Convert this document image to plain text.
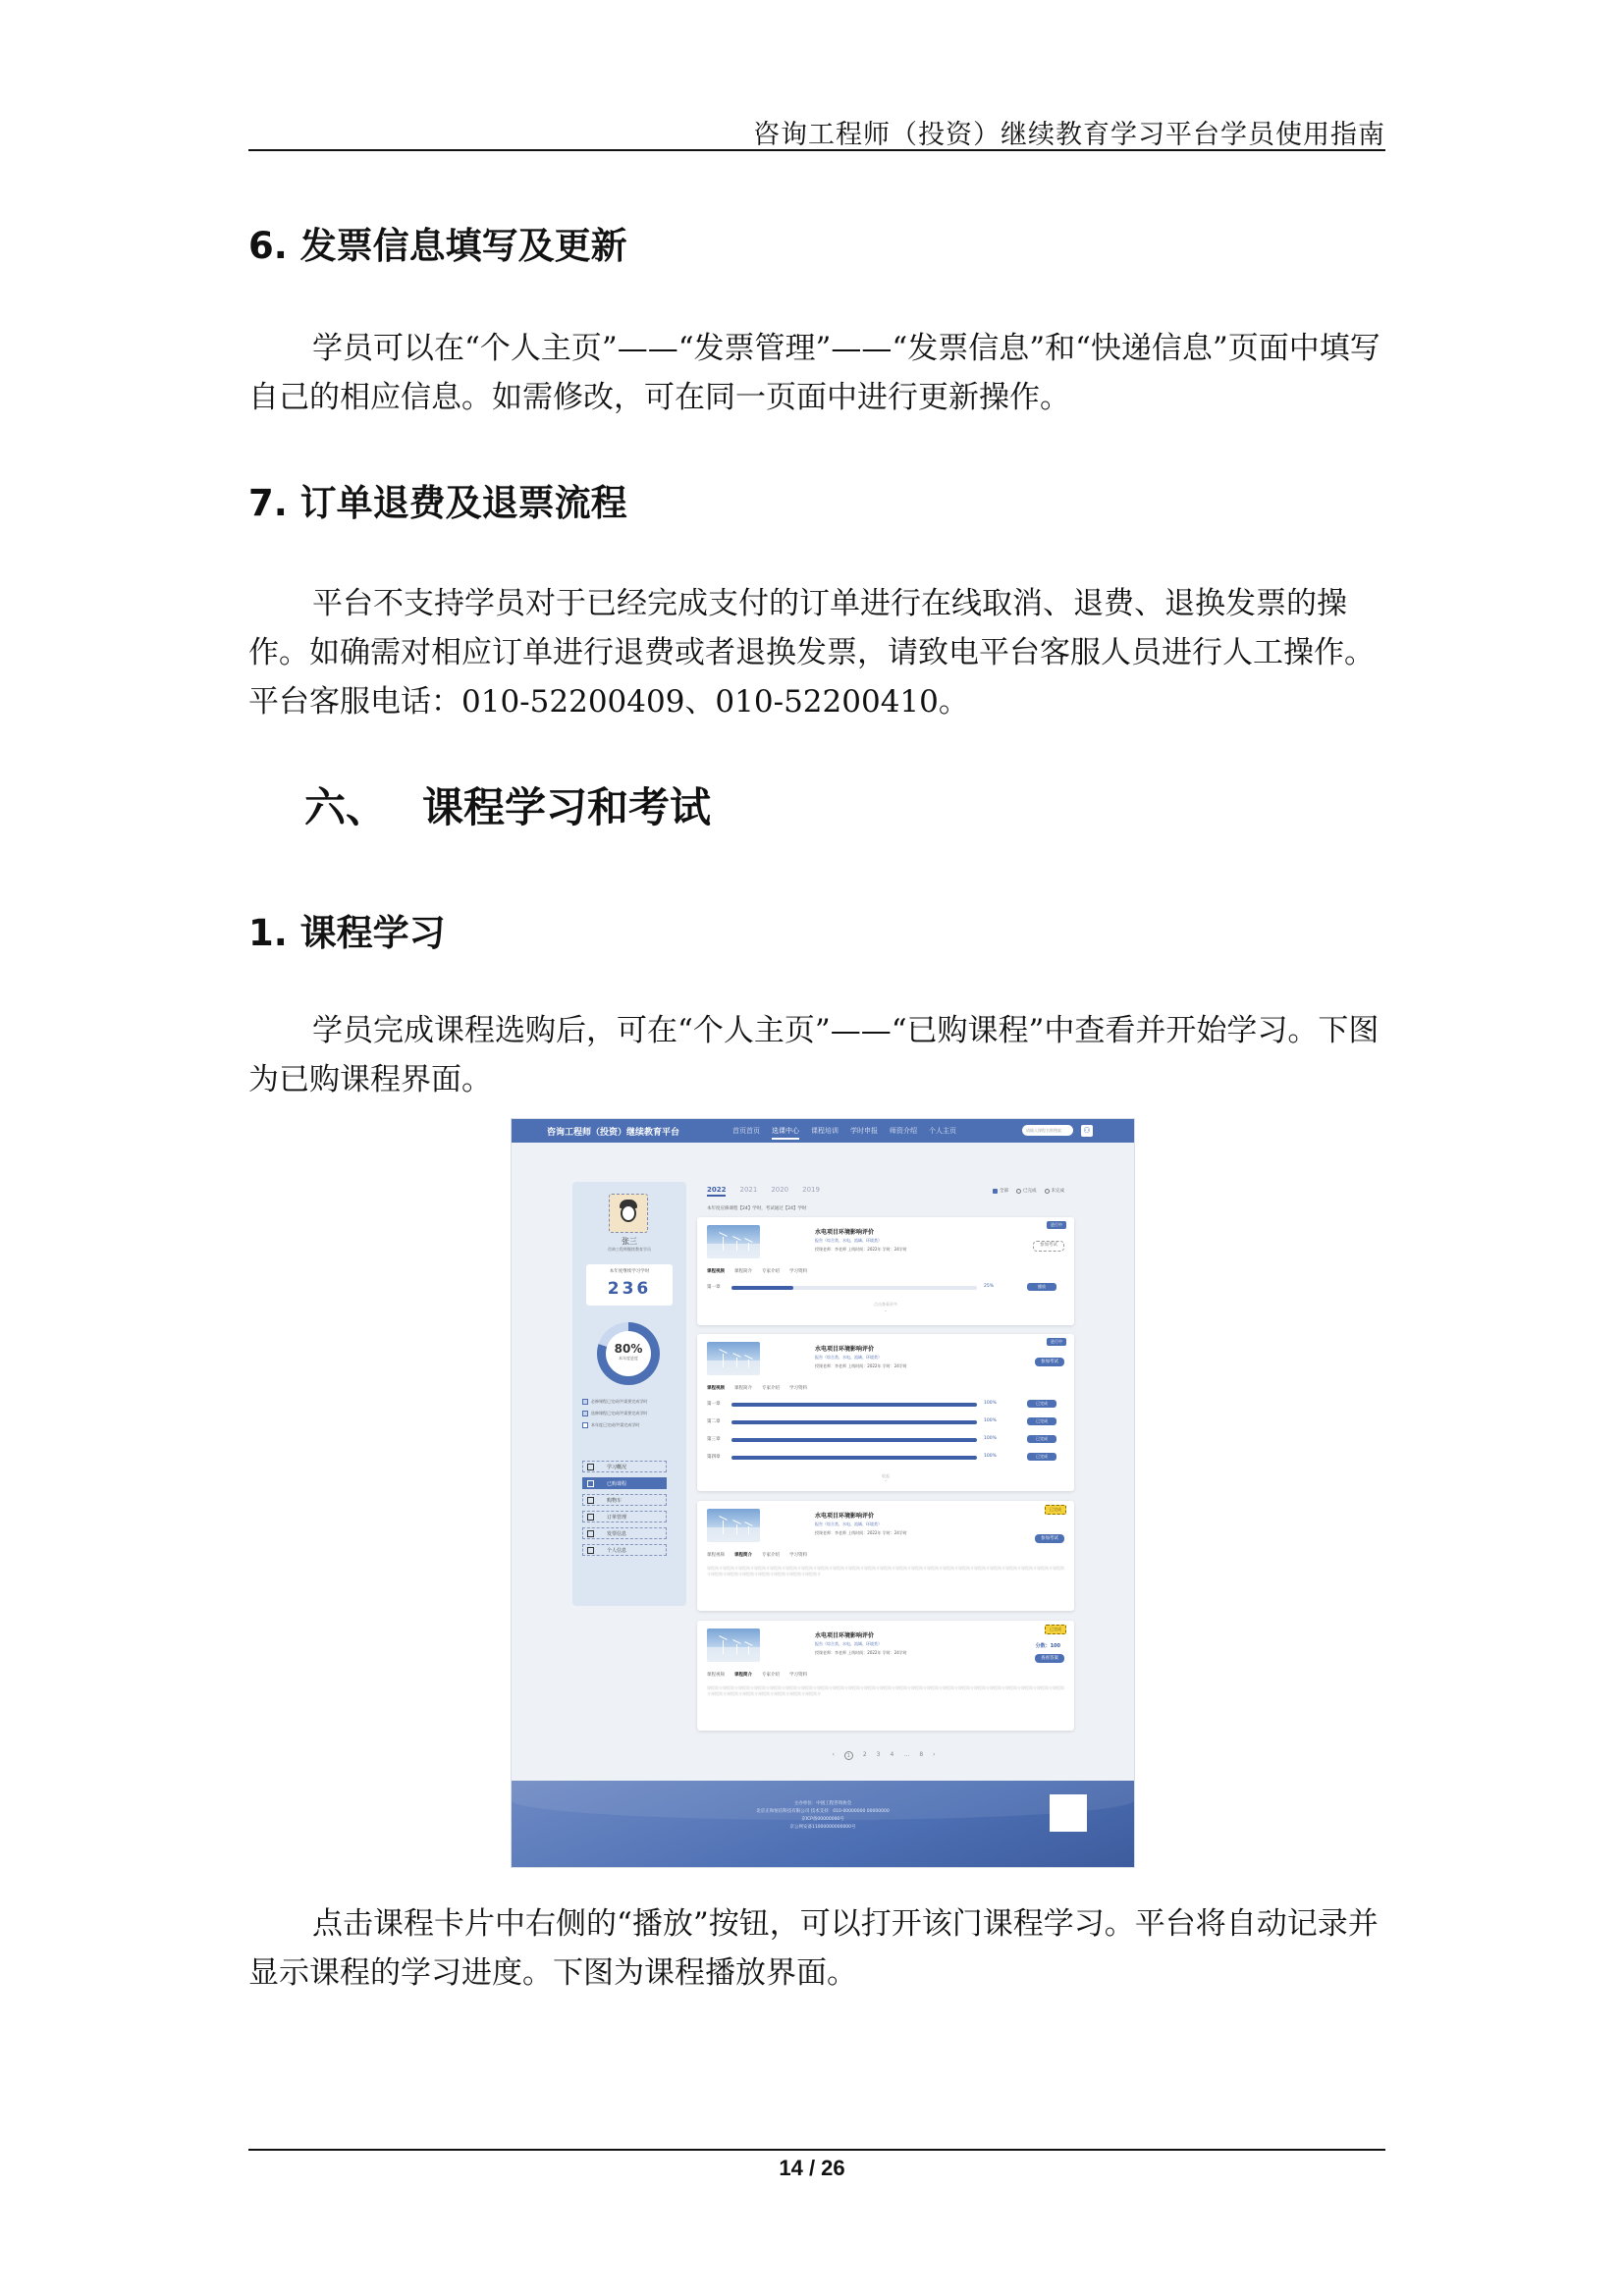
咨询工程师（投资）继续教育学习平台学员使用指南
6. 发票信息填写及更新

学员可以在“个人主页”——“发票管理”——“发票信息”和“快递信息”页面中填写自己的相应信息。如需修改，可在同一页面中进行更新操作。

7. 订单退费及退票流程

平台不支持学员对于已经完成支付的订单进行在线取消、退费、退换发票的操作。如确需对相应订单进行退费或者退换发票，请致电平台客服人员进行人工操作。平台客服电话：010-52200409、010-52200410。

六、 课程学习和考试
1. 课程学习

学员完成课程选购后，可在“个人主页”——“已购课程”中查看并开始学习。下图为已购课程界面。

咨询工程师（投资）继续教育平台	首页首页 选课中心 课程培训 学时申报 师资介绍 个人主页	请输入课程名称搜索	⚇
张三
咨询工程师继续教育学员
本年度继续学习学时
236
80%
本年度进度
必修课程已完成/共需要完成学时
选修课程已完成/共需要完成学时
本年度已完成/共需完成学时
学习概况
已购课程
购物车
订单管理
发票信息
个人信息
2022 2021 2020 2019	全部	已完成	未完成
本年度应修课程【24】学时，考试通过【24】学时
水电项目环境影响评价
报告（综合类、水电、流域、环境类）
授课老师：李老师 上线时间：2022年 学时：24学时
进行中
参加考试
课程视频 课程简介 专家介绍 学习资料
第一章	25%	播放
点击查看更多
⌄
水电项目环境影响评价
报告（综合类、水电、流域、环境类）
授课老师：李老师 上线时间：2022年 学时：24学时
进行中
参加考试
课程视频 课程简介 专家介绍 学习资料
第一章	100%	已完成
第二章	100%	已完成
第三章	100%	已完成
第四章	100%	已完成
收起
⌃
水电项目环境影响评价
报告（综合类、水电、流域、环境类）
授课老师：李老师 上线时间：2022年 学时：24学时
已完成
参加考试
课程视频 课程简介 专家介绍 学习资料
课程简介课程简介课程简介课程简介课程简介课程简介课程简介课程简介课程简介课程简介课程简介课程简介课程简介课程简介课程简介课程简介课程简介课程简介课程简介课程简介课程简介课程简介课程简介课程简介课程简介课程简介课程简介课程简介课程简介课程简介
水电项目环境影响评价
报告（综合类、水电、流域、环境类）
授课老师：李老师 上线时间：2022年 学时：24学时
已完成
分数：100
查看答案
课程视频 课程简介 专家介绍 学习资料
课程简介课程简介课程简介课程简介课程简介课程简介课程简介课程简介课程简介课程简介课程简介课程简介课程简介课程简介课程简介课程简介课程简介课程简介课程简介课程简介课程简介课程简介课程简介课程简介课程简介课程简介课程简介课程简介课程简介课程简介
‹	1	2 3 4 … 8 ›
主办单位：中国工程咨询协会
北京正和恒信科技有限公司 技术支持：010-00000000 00000000
京ICP备00000000号
京公网安备11000000000000号

点击课程卡片中右侧的“播放”按钮，可以打开该门课程学习。平台将自动记录并显示课程的学习进度。下图为课程播放界面。

14 / 26
